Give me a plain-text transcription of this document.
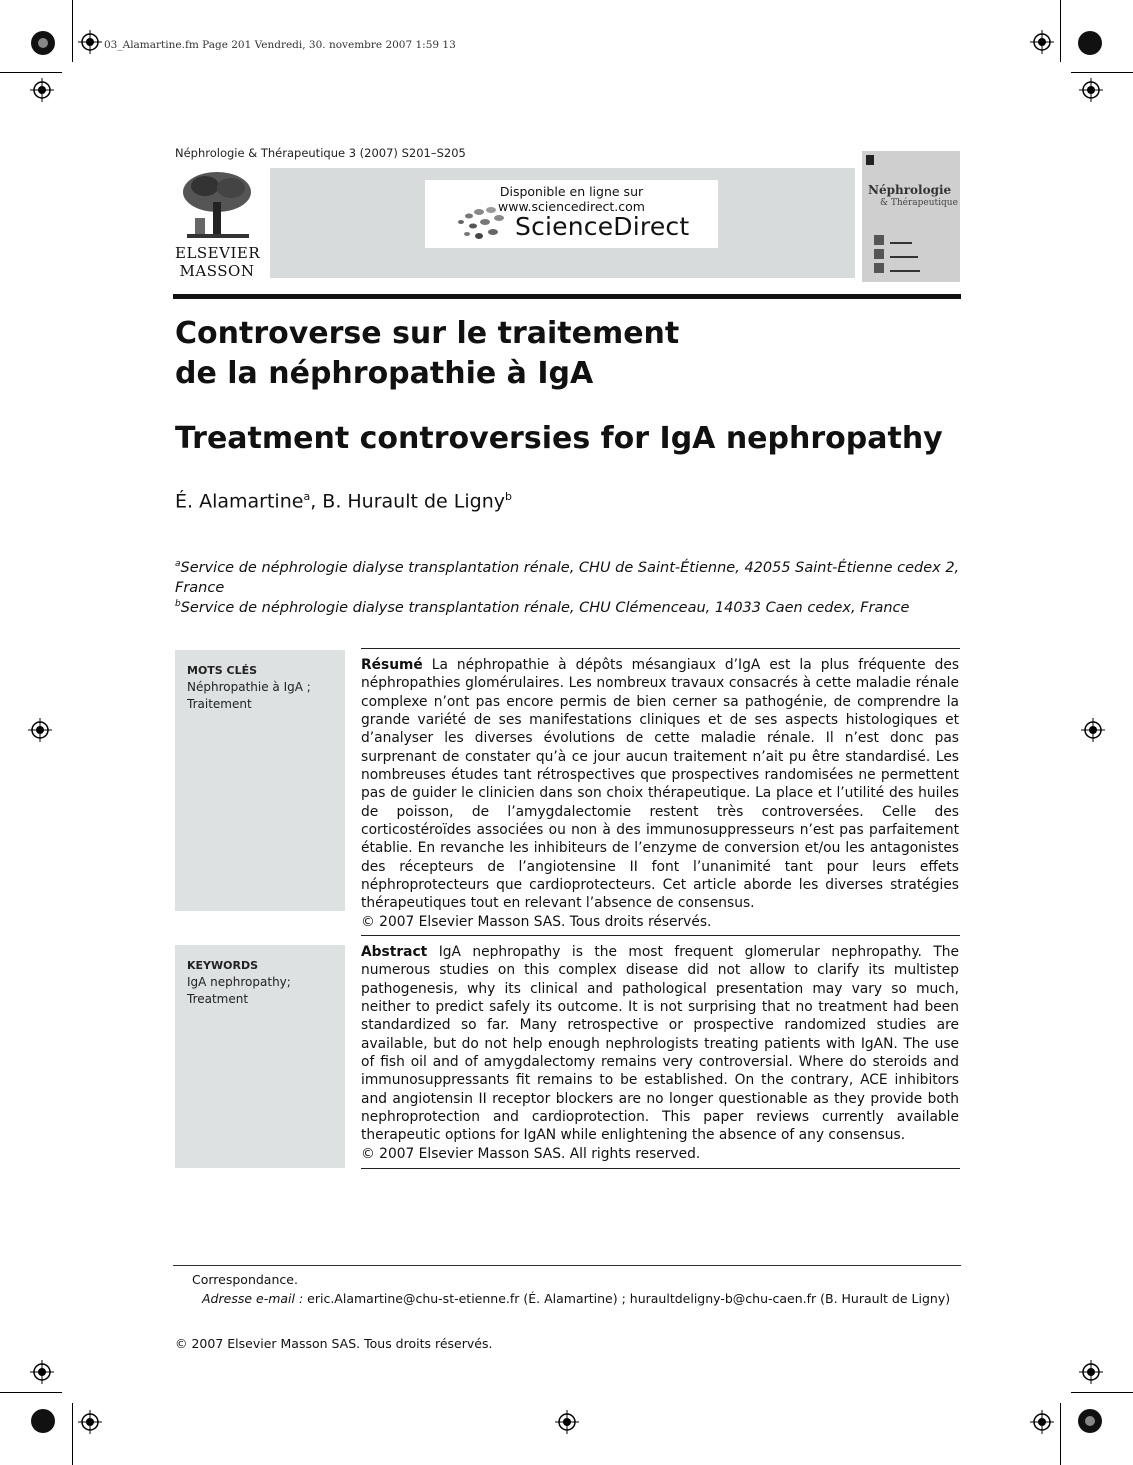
03_Alamartine.fm Page 201 Vendredi, 30. novembre 2007 1:59 13
Néphrologie & Thérapeutique 3 (2007) S201–S205
ELSEVIER
MASSON
Disponible en ligne sur www.sciencedirect.com
ScienceDirect
Néphrologie
& Thérapeutique
Controverse sur le traitement
de la néphropathie à IgA
Treatment controversies for IgA nephropathy
É. Alamartine$^a$, B. Hurault de Ligny$^b$
$^a$Service de néphrologie dialyse transplantation rénale, CHU de Saint-Étienne, 42055 Saint-Étienne cedex 2,
France
$^b$Service de néphrologie dialyse transplantation rénale, CHU Clémenceau, 14033 Caen cedex, France
MOTS CLÉS
Néphropathie à IgA ;
Traitement
Résumé La néphropathie à dépôts mésangiaux d’IgA est la plus fréquente des néphropathies glomérulaires. Les nombreux travaux consacrés à cette maladie rénale complexe n’ont pas encore permis de bien cerner sa pathogénie, de comprendre la grande variété de ses manifestations cliniques et de ses aspects histologiques et d’analyser les diverses évolutions de cette maladie rénale. Il n’est donc pas surprenant de constater qu’à ce jour aucun traitement n’ait pu être standardisé. Les nombreuses études tant rétrospectives que prospectives randomisées ne permettent pas de guider le clinicien dans son choix thérapeutique. La place et l’utilité des huiles de poisson, de l’amygdalectomie restent très controversées. Celle des corticostéroïdes associées ou non à des immunosuppresseurs n’est pas parfaitement établie. En revanche les inhibiteurs de l’enzyme de conversion et/ou les antagonistes des récepteurs de l’angiotensine II font l’unanimité tant pour leurs effets néphroprotecteurs que cardioprotecteurs. Cet article aborde les diverses stratégies thérapeutiques tout en relevant l’absence de consensus.
© 2007 Elsevier Masson SAS. Tous droits réservés.
KEYWORDS
IgA nephropathy;
Treatment
Abstract IgA nephropathy is the most frequent glomerular nephropathy. The numerous studies on this complex disease did not allow to clarify its multistep pathogenesis, why its clinical and pathological presentation may vary so much, neither to predict safely its outcome. It is not surprising that no treatment had been standardized so far. Many retrospective or prospective randomized studies are available, but do not help enough nephrologists treating patients with IgAN. The use of fish oil and of amygdalectomy remains very controversial. Where do steroids and immunosuppressants fit remains to be established. On the contrary, ACE inhibitors and angiotensin II receptor blockers are no longer questionable as they provide both nephroprotection and cardioprotection. This paper reviews currently available therapeutic options for IgAN while enlightening the absence of any consensus.
© 2007 Elsevier Masson SAS. All rights reserved.
Correspondance.
Adresse e-mail : eric.Alamartine@chu-st-etienne.fr (É. Alamartine) ; huraultdeligny-b@chu-caen.fr (B. Hurault de Ligny)
© 2007 Elsevier Masson SAS. Tous droits réservés.
